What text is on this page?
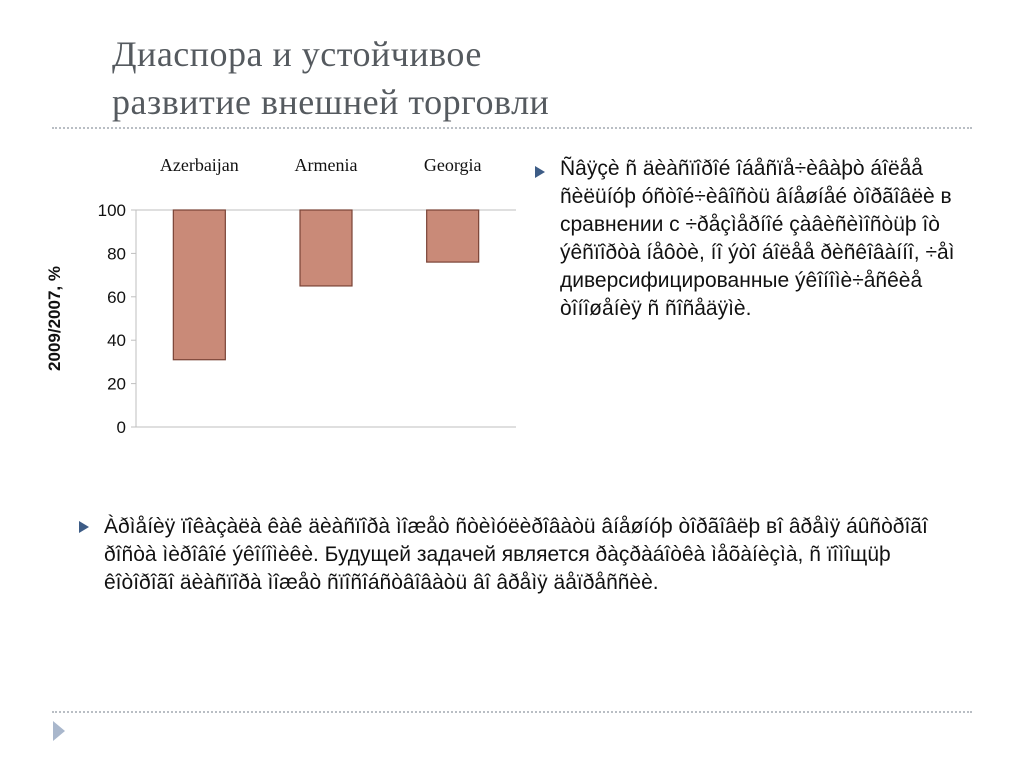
Диаспора и устойчивое
развитие внешней торговли
0
20
40
60
80
100
2009/2007, %
Azerbaijan	Armenia	Georgia	Ñâÿçè ñ äèàñïîðîé îáåñïå÷èâàþò áîëåå ñèëüíóþ óñòîé÷èâîñòü âíåøíåé òîðãîâëè в сравнении с ÷ðåçìåðíîé çàâèñèìîñòüþ îò ýêñïîðòà íåôòè, íî ýòî áîëåå ðèñêîâàííî, ÷åì диверсифицированные ýêîíîìè÷åñêèå òîíîøåíèÿ ñ ñîñåäÿìè.
Àðìåíèÿ ïîêàçàëà êàê äèàñïîðà ìîæåò ñòèìóëèðîâàòü âíåøíóþ òîðãîâëþ вî âðåìÿ áûñòðîãî ðîñòà ìèðîâîé ýêîíîìèêè. Будущей задачей является ðàçðàáîòêà ìåõàíèçìà, ñ ïîìîщüþ êîòîðîãî äèàñïîðà ìîæåò ñïîñîáñòâîâàòü âî âðåìÿ äåïðåññèè.
